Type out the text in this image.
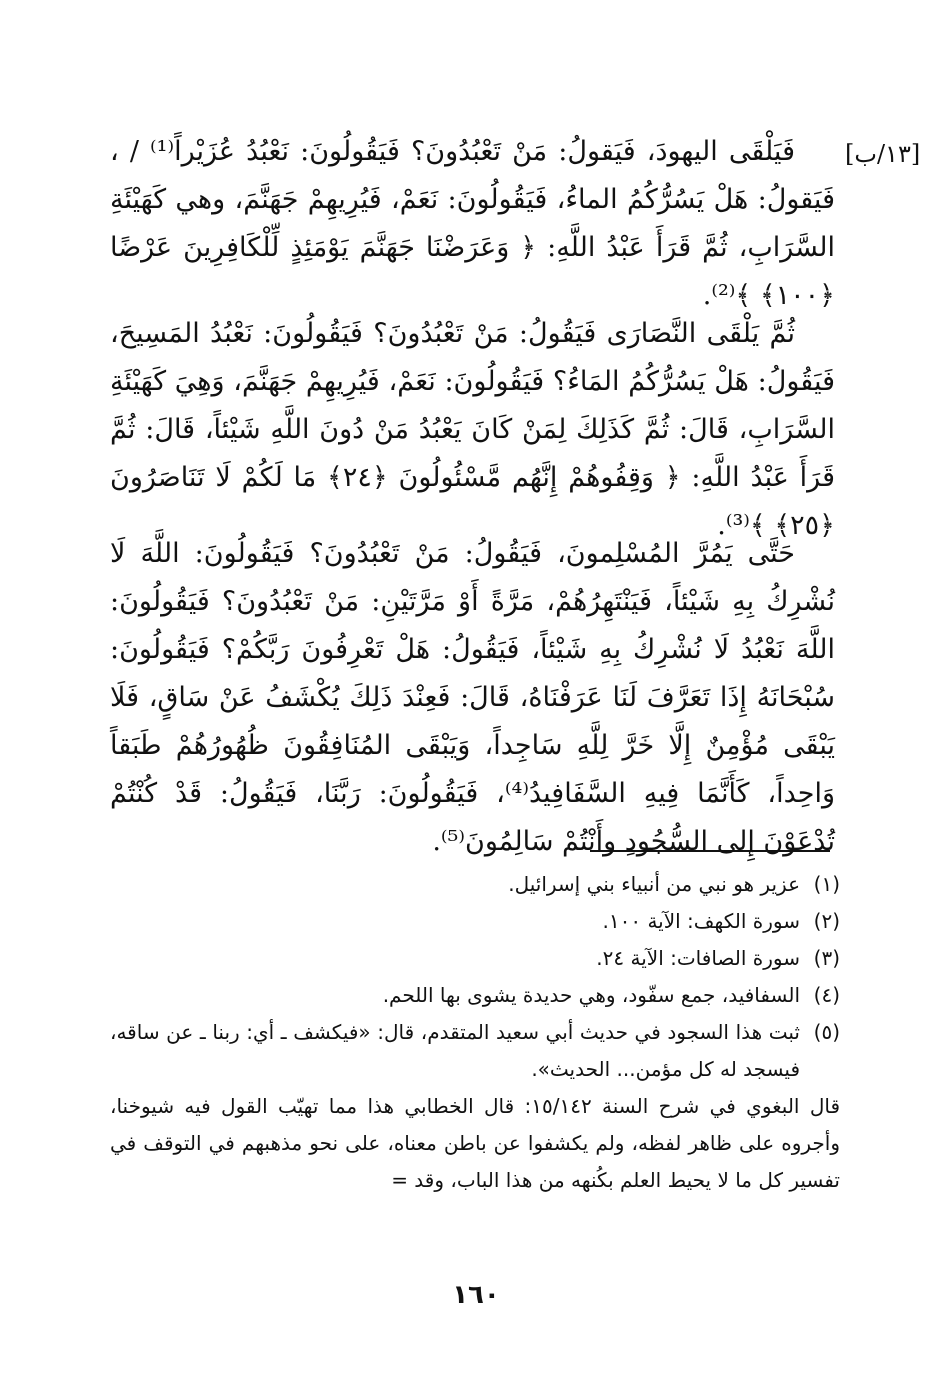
[١٣/ب]

فَيَلْقَى اليهودَ، فَيَقولُ: مَنْ تَعْبُدُونَ؟ فَيَقُولُونَ: نَعْبُدُ عُزَيْراً⁽¹⁾ / ، فَيَقولُ: هَلْ يَسُرُّكُمُ الماءُ، فَيَقُولُونَ: نَعَمْ، فَيُرِيهِمْ جَهَنَّمَ، وهي كَهَيْئَةِ السَّرَابِ، ثُمَّ قَرَأَ عَبْدُ اللَّهِ: ﴿ وَعَرَضْنَا جَهَنَّمَ يَوْمَئِذٍ لِّلْكَافِرِينَ عَرْضًا ﴿١٠٠﴾ ﴾⁽²⁾.

ثُمَّ يَلْقَى النَّصَارَى فَيَقُولُ: مَنْ تَعْبُدُونَ؟ فَيَقُولُونَ: نَعْبُدُ المَسِيحَ، فَيَقُولُ: هَلْ يَسُرُّكُمُ المَاءُ؟ فَيَقُولُونَ: نَعَمْ، فَيُرِيهِمْ جَهَنَّمَ، وَهِيَ كَهَيْئَةِ السَّرَابِ، قَالَ: ثُمَّ كَذَلِكَ لِمَنْ كَانَ يَعْبُدُ مَنْ دُونَ اللَّهِ شَيْئاً، قَالَ: ثُمَّ قَرَأَ عَبْدُ اللَّهِ: ﴿ وَقِفُوهُمْ إِنَّهُم مَّسْئُولُونَ ﴿٢٤﴾ مَا لَكُمْ لَا تَنَاصَرُونَ ﴿٢٥﴾ ﴾⁽³⁾.

حَتَّى يَمُرَّ المُسْلِمونَ، فَيَقُولُ: مَنْ تَعْبُدُونَ؟ فَيَقُولُونَ: اللَّهَ لَا نُشْرِكُ بِهِ شَيْئاً، فَيَنْتَهِرُهُمْ، مَرَّةً أَوْ مَرَّتَيْنِ: مَنْ تَعْبُدُونَ؟ فَيَقُولُونَ: اللَّهَ نَعْبُدُ لَا نُشْرِكُ بِهِ شَيْئاً، فَيَقُولُ: هَلْ تَعْرِفُونَ رَبَّكُمْ؟ فَيَقُولُونَ: سُبْحَانَهُ إِذَا تَعَرَّفَ لَنَا عَرَفْنَاهُ، قَالَ: فَعِنْدَ ذَلِكَ يُكْشَفُ عَنْ سَاقٍ، فَلَا يَبْقَى مُؤْمِنٌ إِلَّا خَرَّ لِلَّهِ سَاجِداً، وَيَبْقَى المُنَافِقُونَ ظُهُورُهُمْ طَبَقاً وَاحِداً، كَأَنَّمَا فِيهِ السَّفَافِيدُ⁽⁴⁾، فَيَقُولُونَ: رَبَّنَا، فَيَقُولُ: قَدْ كُنْتُمْ تُدْعَوْنَ إِلى السُّجُودِ وأَنْتُمْ سَالِمُونَ⁽⁵⁾.

(١)
عزير هو نبي من أنبياء بني إسرائيل.
(٢)
سورة الكهف: الآية ١٠٠.
(٣)
سورة الصافات: الآية ٢٤.
(٤)
السفافيد، جمع سفّود، وهي حديدة يشوى بها اللحم.
(٥)
ثبت هذا السجود في حديث أبي سعيد المتقدم، قال: «فيكشف ـ أي: ربنا ـ عن ساقه، فيسجد له كل مؤمن... الحديث».
قال البغوي في شرح السنة ١٥/١٤٢: قال الخطابي هذا مما تهيّب القول فيه شيوخنا، وأجروه على ظاهر لفظه، ولم يكشفوا عن باطن معناه، على نحو مذهبهم في التوقف في تفسير كل ما لا يحيط العلم بكُنهه من هذا الباب، وقد =
١٦٠
